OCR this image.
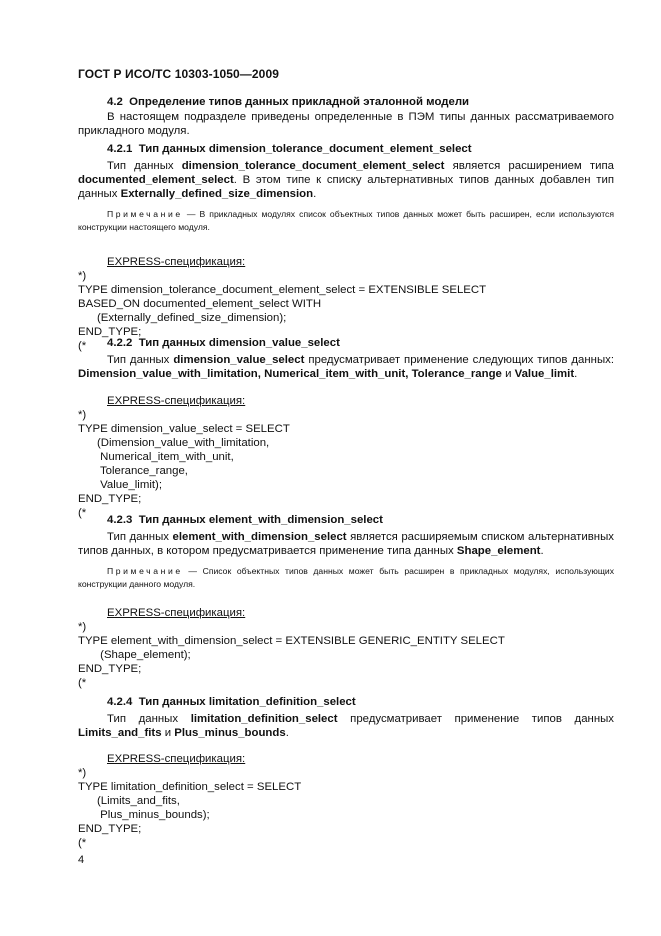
ГОСТ Р ИСО/ТС 10303-1050—2009
4.2  Определение типов данных прикладной эталонной модели
В настоящем подразделе приведены определенные в ПЭМ типы данных рассматриваемого прикладного модуля.
4.2.1 Тип данных dimension_tolerance_document_element_select
Тип данных dimension_tolerance_document_element_select является расширением типа documented_element_select. В этом типе к списку альтернативных типов данных добавлен тип данных Externally_defined_size_dimension.
Примечание — В прикладных модулях список объектных типов данных может быть расширен, если используются конструкции настоящего модуля.
EXPRESS-спецификация:
*)
TYPE dimension_tolerance_document_element_select = EXTENSIBLE SELECT
BASED_ON documented_element_select WITH
(Externally_defined_size_dimension);
END_TYPE;
(*	4.2.2 Тип данных dimension_value_select
Тип данных dimension_value_select предусматривает применение следующих типов данных: Dimension_value_with_limitation, Numerical_item_with_unit, Tolerance_range и Value_limit.
EXPRESS-спецификация:
*)
TYPE dimension_value_select = SELECT
(Dimension_value_with_limitation,
Numerical_item_with_unit,
Tolerance_range,
Value_limit);
END_TYPE;
(*
4.2.3 Тип данных element_with_dimension_select
Тип данных element_with_dimension_select является расширяемым списком альтернативных типов данных, в котором предусматривается применение типа данных Shape_element.
Примечание — Список объектных типов данных может быть расширен в прикладных модулях, использующих конструкции данного модуля.
EXPRESS-спецификация:
*)
TYPE element_with_dimension_select = EXTENSIBLE GENERIC_ENTITY SELECT
(Shape_element);
END_TYPE;
(*
4.2.4 Тип данных limitation_definition_select
Тип данных limitation_definition_select предусматривает применение типов данных Limits_and_fits и Plus_minus_bounds.
EXPRESS-спецификация:
*)
TYPE limitation_definition_select = SELECT
(Limits_and_fits,
Plus_minus_bounds);
END_TYPE;
(*
4
